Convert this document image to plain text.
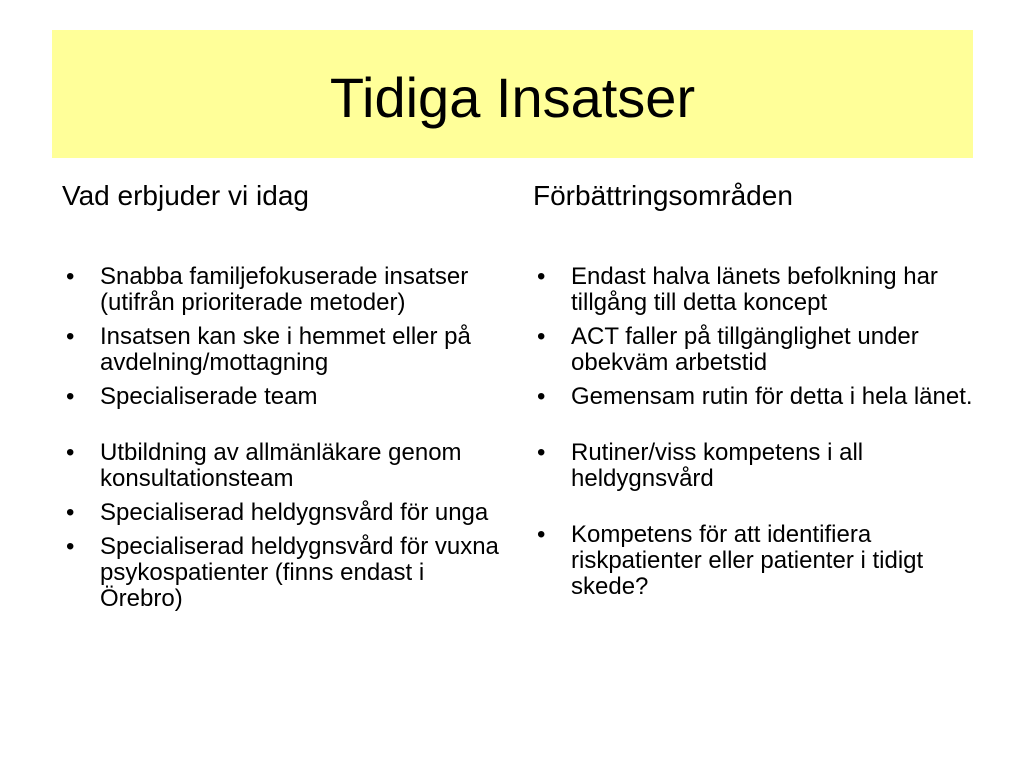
Tidiga Insatser
Vad erbjuder vi idag	Förbättringsområden
• Snabba familjefokuserade insatser (utifrån prioriterade metoder)
• Insatsen kan ske i hemmet eller på avdelning/mottagning
• Specialiserade team
• Utbildning av allmänläkare genom konsultationsteam
• Specialiserad heldygnsvård för unga
• Specialiserad heldygnsvård för vuxna psykospatienter (finns endast i Örebro)
• Endast halva länets befolkning har tillgång till detta koncept
• ACT faller på tillgänglighet under obekväm arbetstid
• Gemensam rutin för detta i hela länet.
• Rutiner/viss kompetens i all heldygnsvård
• Kompetens för att identifiera riskpatienter eller patienter i tidigt skede?
